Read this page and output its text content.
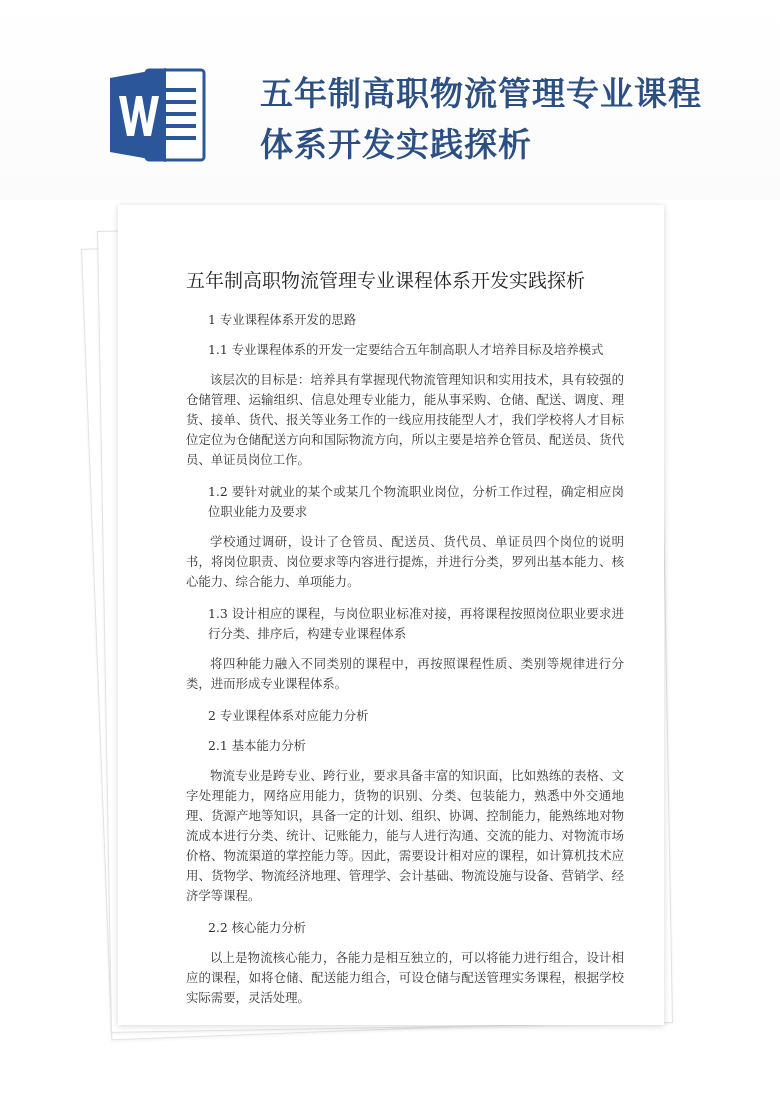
五年制高职物流管理专业课程
体系开发实践探析
五年制高职物流管理专业课程体系开发实践探析

1 专业课程体系开发的思路

1.1 专业课程体系的开发一定要结合五年制高职人才培养目标及培养模式

该层次的目标是：培养具有掌握现代物流管理知识和实用技术，具有较强的仓储管理、运输组织、信息处理专业能力，能从事采购、仓储、配送、调度、理货、接单、货代、报关等业务工作的一线应用技能型人才，我们学校将人才目标位定位为仓储配送方向和国际物流方向，所以主要是培养仓管员、配送员、货代员、单证员岗位工作。

1.2 要针对就业的某个或某几个物流职业岗位，分析工作过程，确定相应岗位职业能力及要求

学校通过调研，设计了仓管员、配送员、货代员、单证员四个岗位的说明书，将岗位职责、岗位要求等内容进行提炼，并进行分类，罗列出基本能力、核心能力、综合能力、单项能力。

1.3 设计相应的课程，与岗位职业标准对接，再将课程按照岗位职业要求进行分类、排序后，构建专业课程体系

将四种能力融入不同类别的课程中，再按照课程性质、类别等规律进行分类，进而形成专业课程体系。

2 专业课程体系对应能力分析

2.1 基本能力分析

物流专业是跨专业、跨行业，要求具备丰富的知识面，比如熟练的表格、文字处理能力，网络应用能力，货物的识别、分类、包装能力，熟悉中外交通地理、货源产地等知识，具备一定的计划、组织、协调、控制能力，能熟练地对物流成本进行分类、统计、记账能力，能与人进行沟通、交流的能力、对物流市场价格、物流渠道的掌控能力等。因此，需要设计相对应的课程，如计算机技术应用、货物学、物流经济地理、管理学、会计基础、物流设施与设备、营销学、经济学等课程。

2.2 核心能力分析

以上是物流核心能力，各能力是相互独立的，可以将能力进行组合，设计相应的课程，如将仓储、配送能力组合，可设仓储与配送管理实务课程，根据学校实际需要，灵活处理。
